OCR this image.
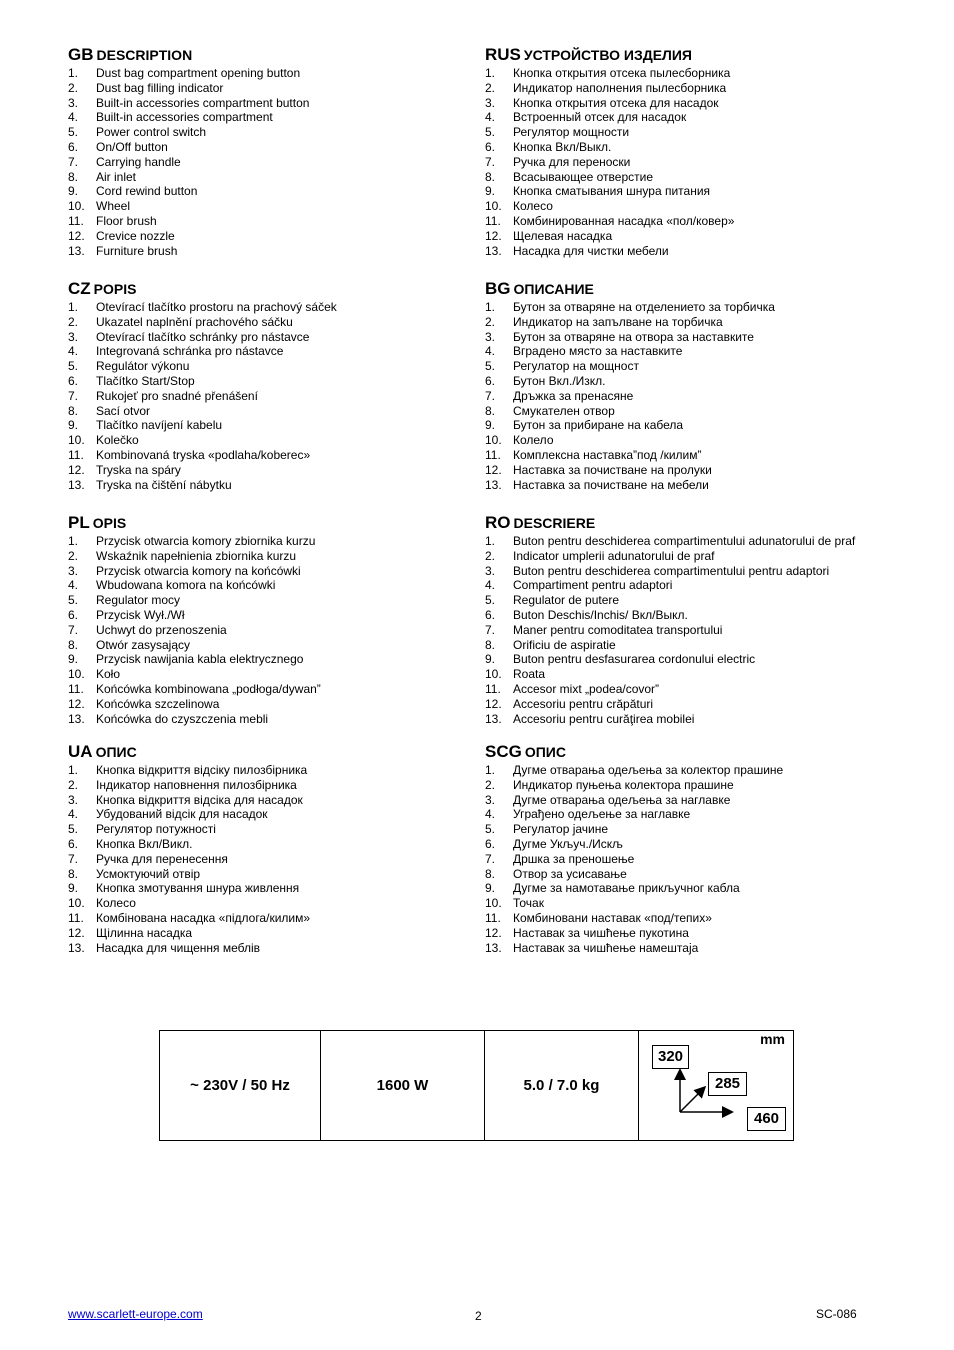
GB DESCRIPTION
1. Dust bag compartment opening button
2. Dust bag filling indicator
3. Built-in accessories compartment button
4. Built-in accessories compartment
5. Power control switch
6. On/Off button
7. Carrying handle
8. Air inlet
9. Cord rewind button
10. Wheel
11. Floor brush
12. Crevice nozzle
13. Furniture brush
RUS УСТРОЙСТВО ИЗДЕЛИЯ
1. Кнопка открытия отсека пылесборника
2. Индикатор наполнения пылесборника
3. Кнопка открытия отсека для насадок
4. Встроенный отсек для насадок
5. Регулятор мощности
6. Кнопка Вкл/Выкл.
7. Ручка для переноски
8. Всасывающее отверстие
9. Кнопка сматывания шнура питания
10. Колесо
11. Комбинированная насадка «пол/ковер»
12. Щелевая насадка
13. Насадка для чистки мебели
CZ POPIS
1. Otevírací tlačítko prostoru na prachový sáček
2. Ukazatel naplnění prachového sáčku
3. Otevírací tlačítko schránky pro nástavce
4. Integrovaná schránka pro nástavce
5. Regulátor výkonu
6. Tlačítko Start/Stop
7. Rukojeť pro snadné přenášení
8. Sací otvor
9. Tlačítko navíjení kabelu
10. Kolečko
11. Kombinovaná tryska «podlaha/koberec»
12. Tryska na spáry
13. Tryska na čištění nábytku
BG ОПИСАНИЕ
1. Бутон за отваряне на отделението за торбичка
2. Индикатор на запълване на торбичка
3. Бутон за отваряне на отвора за наставките
4. Вградено място за наставките
5. Регулатор на мощност
6. Бутон Вкл./Изкл.
7. Дръжка за пренасяне
8. Смукателен отвор
9. Бутон за прибиране на кабела
10. Колело
11. Комплексна наставка”под /килим”
12. Наставка за почистване на пролуки
13. Наставка за почистване на мебели
PL OPIS
1. Przycisk otwarcia komory zbiornika kurzu
2. Wskaźnik napełnienia zbiornika kurzu
3. Przycisk otwarcia komory na końcówki
4. Wbudowana komora na końcówki
5. Regulator mocy
6. Przycisk Wył./Wł
7. Uchwyt do przenoszenia
8. Otwór zasysający
9. Przycisk nawijania kabla elektrycznego
10. Koło
11. Końcówka kombinowana „podłoga/dywan”
12. Końcówka szczelinowa
13. Końcówka do czyszczenia mebli
RO DESCRIERE
1. Buton pentru deschiderea compartimentului adunatorului de praf
2. Indicator umplerii adunatorului de praf
3. Buton pentru deschiderea compartimentului pentru adaptori
4. Compartiment pentru adaptori
5. Regulator de putere
6. Buton Deschis/Inchis/ Вкл/Выкл.
7. Maner pentru comoditatea transportului
8. Orificiu de aspiratie
9. Buton pentru desfasurarea cordonului electric
10. Roata
11. Accesor mixt „podea/covor”
12. Accesoriu pentru crăpături
13. Accesoriu pentru curăţirea mobilei
UA ОПИС
1. Кнопка відкриття відсіку пилозбірника
2. Індикатор наповнення пилозбірника
3. Кнопка відкриття відсіка для насадок
4. Убудований відсік для насадок
5. Регулятор потужності
6. Кнопка Вкл/Викл.
7. Ручка для перенесення
8. Усмоктуючий отвір
9. Кнопка змотування шнура живлення
10. Колесо
11. Комбінована насадка «підлога/килим»
12. Щілинна насадка
13. Насадка для чищення меблів
SCG ОПИС
1. Дугме отварања одељења за колектор прашине
2. Индикатор пуњења колектора прашине
3. Дугме отварања одељења за наглавке
4. Уграђено одељење за наглавке
5. Регулатор јачине
6. Дугме Укључ./Искљ
7. Дршка за преношење
8. Отвор за усисавање
9. Дугме за намотавање прикључног кабла
10. Точак
11. Комбиновани наставак «под/тепих»
12. Наставак за чишћење пукотина
13. Наставак за чишћење намештаја
~ 230V / 50 Hz	1600 W	5.0 / 7.0 kg	
mm
320
285
460
www.scarlett-europe.com	2	SC-086
